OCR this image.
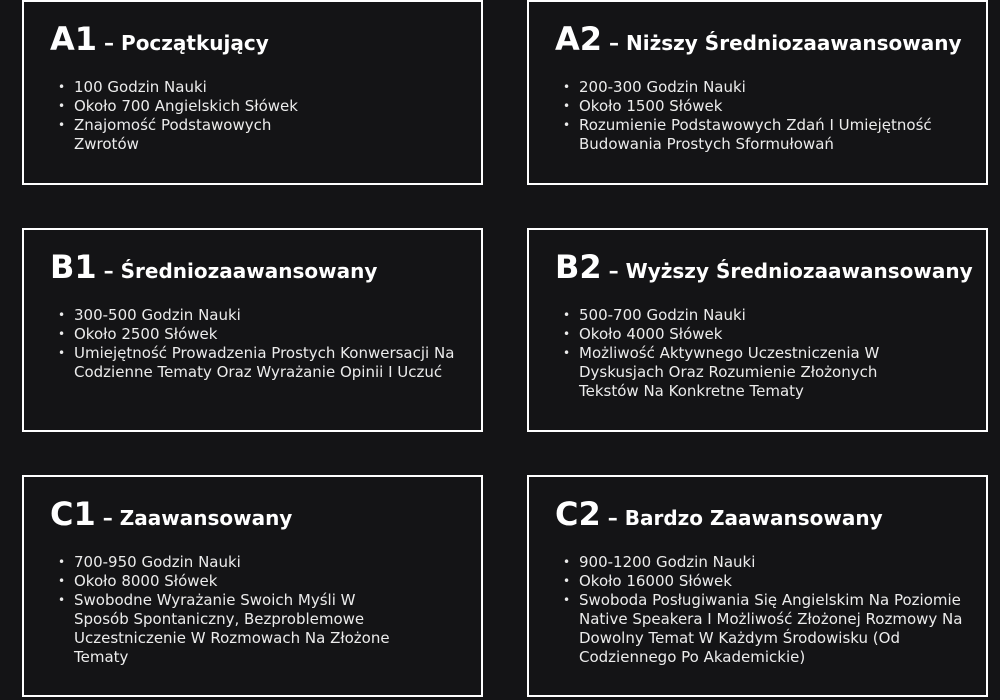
A1 – Początkujący
• 100 Godzin Nauki
• Około 700 Angielskich Słówek
• Znajomość Podstawowych Zwrotów
A2 – Niższy Średniozaawansowany
• 200-300 Godzin Nauki
• Około 1500 Słówek
• Rozumienie Podstawowych Zdań I Umiejętność Budowania Prostych Sformułowań
B1 – Średniozaawansowany
• 300-500 Godzin Nauki
• Około 2500 Słówek
• Umiejętność Prowadzenia Prostych Konwersacji Na Codzienne Tematy Oraz Wyrażanie Opinii I Uczuć
B2 – Wyższy Średniozaawansowany
• 500-700 Godzin Nauki
• Około 4000 Słówek
• Możliwość Aktywnego Uczestniczenia W Dyskusjach Oraz Rozumienie Złożonych Tekstów Na Konkretne Tematy
C1 – Zaawansowany
• 700-950 Godzin Nauki
• Około 8000 Słówek
• Swobodne Wyrażanie Swoich Myśli W Sposób Spontaniczny, Bezproblemowe Uczestniczenie W Rozmowach Na Złożone Tematy
C2 – Bardzo Zaawansowany
• 900-1200 Godzin Nauki
• Około 16000 Słówek
• Swoboda Posługiwania Się Angielskim Na Poziomie Native Speakera I Możliwość Złożonej Rozmowy Na Dowolny Temat W Każdym Środowisku (Od Codziennego Po Akademickie)
